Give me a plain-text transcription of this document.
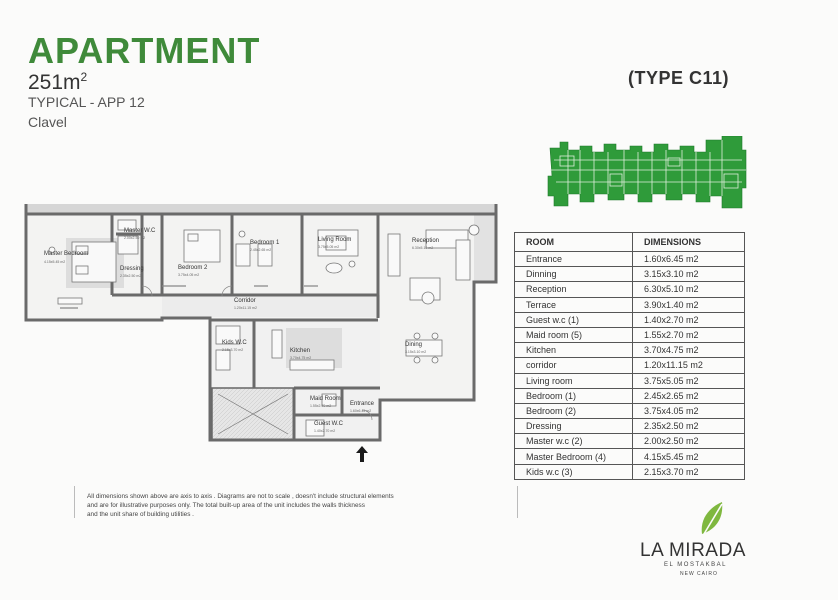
APARTMENT
$251m^2$
TYPICAL - APP 12
Clavel
(TYPE C11)
Master Bedroom
4.15x5.45 m2
Master W.C
2.00x2.50 m2
Dressing
2.35x2.50 m2
Bedroom 2
3.75x4.05 m2
Bedroom 1
2.45x2.65 m2
Living Room
3.75x5.05 m2
Reception
6.30x5.10 m2
Corridor
1.20x11.15 m2
Kids W.C
2.15x3.70 m2	Kitchen
3.70x4.75 m2
Dining
3.15x3.10 m2
Maid Room
1.55x2.70 m2	Entrance
1.60x6.45 m2
Guest W.C
1.40x2.70 m2
ROOM	DIMENSIONS
Entrance	1.60x6.45 m2
Dinning	3.15x3.10 m2
Reception	6.30x5.10 m2
Terrace	3.90x1.40 m2
Guest w.c (1)	1.40x2.70 m2
Maid room (5)	1.55x2.70 m2
Kitchen	3.70x4.75 m2
corridor	1.20x11.15 m2
Living room	3.75x5.05 m2
Bedroom (1)	2.45x2.65 m2
Bedroom (2)	3.75x4.05 m2
Dressing	2.35x2.50 m2
Master w.c (2)	2.00x2.50 m2
Master Bedroom (4)	4.15x5.45 m2
Kids w.c (3)	2.15x3.70 m2

All dimensions shown above are axis to axis . Diagrams are not to scale , doesn't include structural elements
and are for illustrative purposes only. The total built-up area of the unit includes the walls thickness
and the unit share of building utilities .

LA MIRADA
EL MOSTAKBAL
NEW CAIRO
